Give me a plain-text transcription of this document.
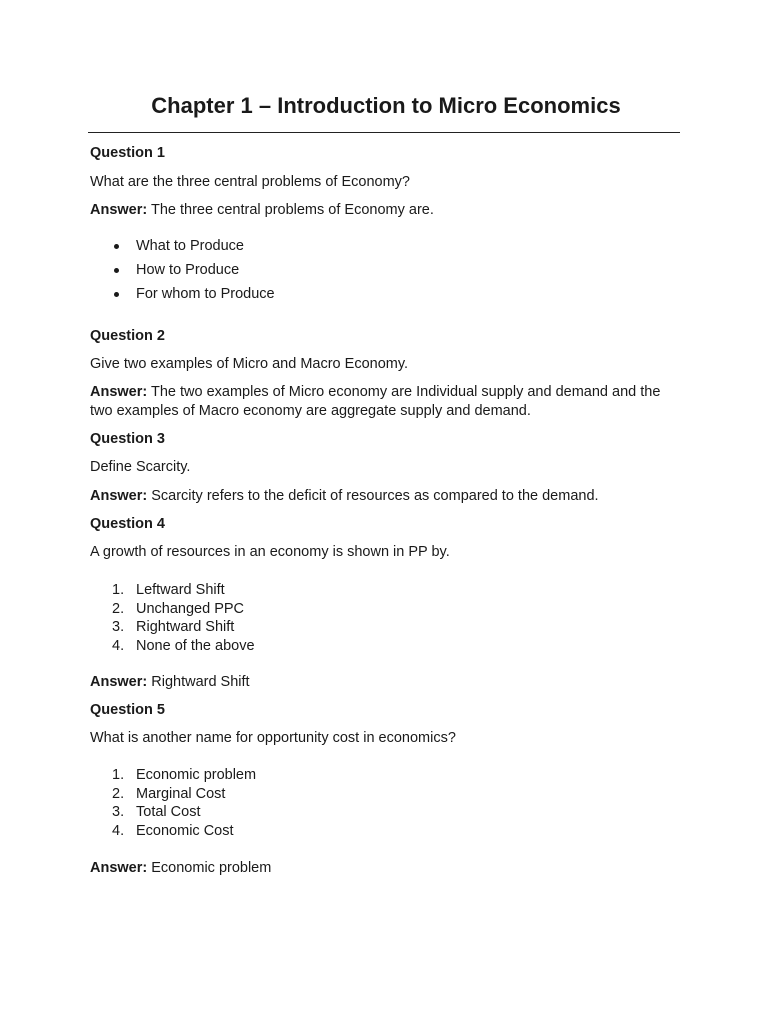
Chapter 1 – Introduction to Micro Economics

Question 1

What are the three central problems of Economy?

Answer: The three central problems of Economy are.

What to Produce
How to Produce
For whom to Produce

Question 2

Give two examples of Micro and Macro Economy.

Answer: The two examples of Micro economy are Individual supply and demand and the two examples of Macro economy are aggregate supply and demand.

Question 3

Define Scarcity.

Answer: Scarcity refers to the deficit of resources as compared to the demand.

Question 4

A growth of resources in an economy is shown in PP by.

1. Leftward Shift
2. Unchanged PPC
3. Rightward Shift
4. None of the above

Answer: Rightward Shift

Question 5

What is another name for opportunity cost in economics?

1. Economic problem
2. Marginal Cost
3. Total Cost
4. Economic Cost

Answer: Economic problem
